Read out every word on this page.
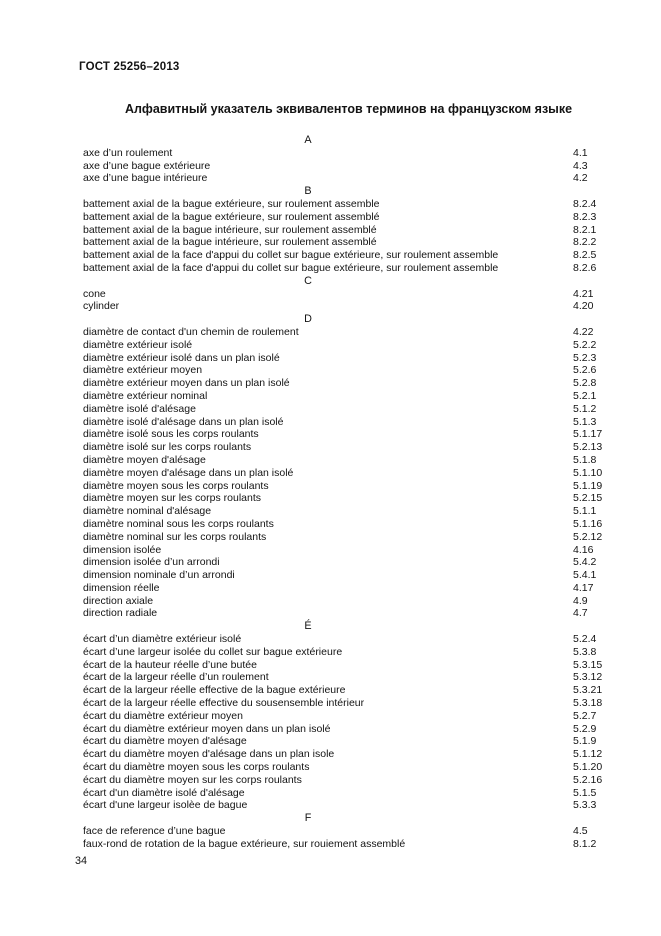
ГОСТ 25256–2013
Алфавитный указатель эквивалентов терминов на французском языке
A
axe d’un roulement	4.1
axe d’une bague extérieure	4.3
axe d’une bague intérieure	4.2
B
battement axial de la bague extérieure, sur roulement assemble	8.2.4
battement axial de la bague extérieure, sur roulement assemblé	8.2.3
battement axial de la bague intérieure, sur roulement assemblé	8.2.1
battement axial de la bague intérieure, sur roulement assemblé	8.2.2
battement axial de la face d'appui du collet sur bague extérieure, sur roulement assemble	8.2.5
battement axial de la face d'appui du collet sur bague extérieure, sur roulement assemble	8.2.6
C
cone	4.21
cylinder	4.20
D
diamètre de contact d'un chemin de roulement	4.22
diamètre extérieur isolé	5.2.2
diamètre extérieur isolé dans un plan isolé	5.2.3
diamètre extérieur moyen	5.2.6
diamètre extérieur moyen dans un plan isolé	5.2.8
diamètre extérieur nominal	5.2.1
diamètre isolé d'alésage	5.1.2
diamètre isolé d'alésage dans un plan isolé	5.1.3
diamètre isolé sous les corps roulants	5.1.17
diamètre isolé sur les corps roulants	5.2.13
diamètre moyen d'alésage	5.1.8
diamètre moyen d'alésage dans un plan isolé	5.1.10
diamètre moyen sous les corps roulants	5.1.19
diamètre moyen sur les corps roulants	5.2.15
diamètre nominal d'alésage	5.1.1
diamètre nominal sous les corps roulants	5.1.16
diamètre nominal sur les corps roulants	5.2.12
dimension isolée	4.16
dimension isolée d’un arrondi	5.4.2
dimension nominale d’un arrondi	5.4.1
dimension réelle	4.17
direction axiale	4.9
direction radiale	4.7
É
écart d’un diamètre extérieur isolé	5.2.4
écart d’une largeur isolée du collet sur bague extérieure	5.3.8
écart de la hauteur réelle d’une butée	5.3.15
écart de la largeur réelle d’un roulement	5.3.12
écart de la largeur réelle effective de la bague extérieure	5.3.21
écart de la largeur réelle effective du sousensemble intérieur	5.3.18
écart du diamètre extérieur moyen	5.2.7
écart du diamètre extérieur moyen dans un plan isolé	5.2.9
écart du diamètre moyen d'alésage	5.1.9
écart du diamètre moyen d'alésage dans un plan isole	5.1.12
écart du diamètre moyen sous les corps roulants	5.1.20
écart du diamètre moyen sur les corps roulants	5.2.16
écart d'un diamètre isolé d'alésage	5.1.5
écart d'une largeur isolèe de bague	5.3.3
F
face de reference d’une bague	4.5
faux-rond de rotation de la bague extérieure, sur rouiement assemblé	8.1.2
34
